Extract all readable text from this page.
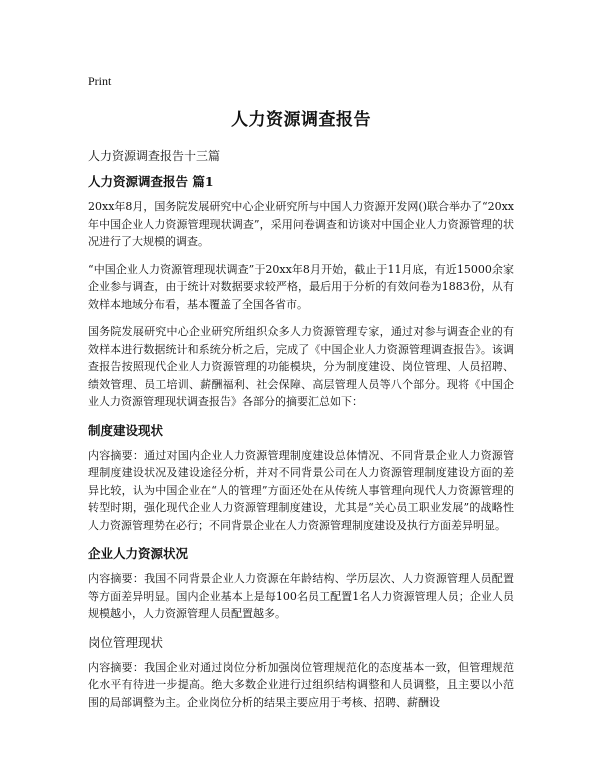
Print
人力资源调查报告
人力资源调查报告十三篇
人力资源调查报告 篇1

20xx年8月，国务院发展研究中心企业研究所与中国人力资源开发网()联合举办了“20xx年中国企业人力资源管理现状调查”，采用问卷调查和访谈对中国企业人力资源管理的状况进行了大规模的调查。

“中国企业人力资源管理现状调查”于20xx年8月开始，截止于11月底，有近15000余家企业参与调查，由于统计对数据要求较严格，最后用于分析的有效问卷为1883份，从有效样本地域分布看，基本覆盖了全国各省市。

国务院发展研究中心企业研究所组织众多人力资源管理专家，通过对参与调查企业的有效样本进行数据统计和系统分析之后，完成了《中国企业人力资源管理调查报告》。该调查报告按照现代企业人力资源管理的功能模块，分为制度建设、岗位管理、人员招聘、绩效管理、员工培训、薪酬福利、社会保障、高层管理人员等八个部分。现将《中国企业人力资源管理现状调查报告》各部分的摘要汇总如下：

制度建设现状

内容摘要：通过对国内企业人力资源管理制度建设总体情况、不同背景企业人力资源管理制度建设状况及建设途径分析，并对不同背景公司在人力资源管理制度建设方面的差异比较，认为中国企业在“人的管理”方面还处在从传统人事管理向现代人力资源管理的转型时期，强化现代企业人力资源管理制度建设，尤其是“关心员工职业发展”的战略性人力资源管理势在必行；不同背景企业在人力资源管理制度建设及执行方面差异明显。

企业人力资源状况

内容摘要：我国不同背景企业人力资源在年龄结构、学历层次、人力资源管理人员配置等方面差异明显。国内企业基本上是每100名员工配置1名人力资源管理人员；企业人员规模越小，人力资源管理人员配置越多。

岗位管理现状

内容摘要：我国企业对通过岗位分析加强岗位管理规范化的态度基本一致，但管理规范化水平有待进一步提高。绝大多数企业进行过组织结构调整和人员调整，且主要以小范围的局部调整为主。企业岗位分析的结果主要应用于考核、招聘、薪酬设
